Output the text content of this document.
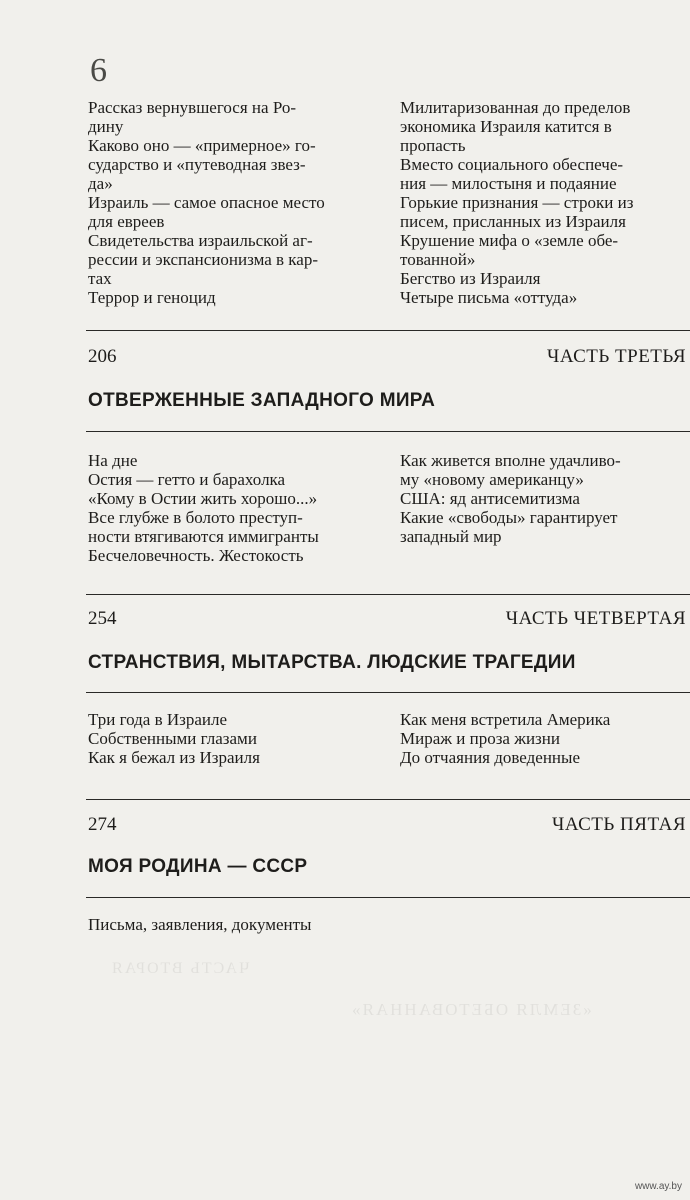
ЧАСТЬ ВТОРАЯ
«ЗЕМЛЯ ОБЕТОВАННАЯ»
6
Рассказ вернувшегося на Ро-
дину
Каково оно — «примерное» го-
сударство и «путеводная звез-
да»
Израиль — самое опасное место
для евреев
Свидетельства израильской аг-
рессии и экспансионизма в кар-
тах
Террор и геноцид
Милитаризованная до пределов
экономика Израиля катится в
пропасть
Вместо социального обеспече-
ния — милостыня и подаяние
Горькие признания — строки из
писем, присланных из Израиля
Крушение мифа о «земле обе-
тованной»
Бегство из Израиля
Четыре письма «оттуда»
206	ЧАСТЬ ТРЕТЬЯ
ОТВЕРЖЕННЫЕ ЗАПАДНОГО МИРА
На дне
Остия — гетто и барахолка
«Кому в Остии жить хорошо...»
Все глубже в болото преступ-
ности втягиваются иммигранты
Бесчеловечность. Жестокость
Как живется вполне удачливо-
му «новому американцу»
США: яд антисемитизма
Какие «свободы» гарантирует
западный мир
254	ЧАСТЬ ЧЕТВЕРТАЯ
СТРАНСТВИЯ, МЫТАРСТВА. ЛЮДСКИЕ ТРАГЕДИИ
Три года в Израиле
Собственными глазами
Как я бежал из Израиля
Как меня встретила Америка
Мираж и проза жизни
До отчаяния доведенные
274	ЧАСТЬ ПЯТАЯ
МОЯ РОДИНА — СССР
Письма, заявления, документы
www.ay.by
